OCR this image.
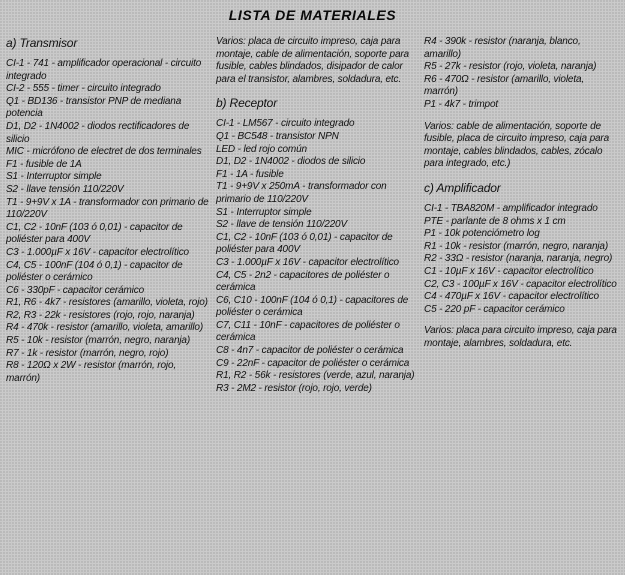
LISTA DE MATERIALES
a) Transmisor
CI-1 - 741 - amplificador operacional - circuito integrado
CI-2 - 555 - timer - circuito integrado
Q1 - BD136 - transistor PNP de mediana potencia
D1, D2 - 1N4002 - diodos rectificadores de silicio
MIC - micrófono de electret de dos terminales
F1 - fusible de 1A
S1 - Interruptor simple
S2 - llave tensión 110/220V
T1 - 9+9V x 1A - transformador con primario de 110/220V
C1, C2 - 10nF (103 ó 0,01) - capacitor de poliéster para 400V
C3 - 1.000µF x 16V - capacitor electrolítico
C4, C5 - 100nF (104 ó 0,1) - capacitor de poliéster o cerámico
C6 - 330pF - capacitor cerámico
R1, R6 - 4k7 - resistores (amarillo, violeta, rojo)
R2, R3 - 22k - resistores (rojo, rojo, naranja)
R4 - 470k - resistor (amarillo, violeta, amarillo)
R5 - 10k - resistor (marrón, negro, naranja)
R7 - 1k - resistor (marrón, negro, rojo)
R8 - 120Ω x 2W - resistor (marrón, rojo, marrón)
Varios: placa de circuito impreso, caja para montaje, cable de alimentación, soporte para fusible, cables blindados, disipador de calor para el transistor, alambres, soldadura, etc.
b) Receptor
CI-1 - LM567 - circuito integrado
Q1 - BC548 - transistor NPN
LED - led rojo común
D1, D2 - 1N4002 - diodos de silicio
F1 - 1A - fusible
T1 - 9+9V x 250mA - transformador con primario de 110/220V
S1 - Interruptor simple
S2 - llave de tensión 110/220V
C1, C2 - 10nF (103 ó 0,01) - capacitor de poliéster para 400V
C3 - 1.000µF x 16V - capacitor electrolítico
C4, C5 - 2n2 - capacitores de poliéster o cerámica
C6, C10 - 100nF (104 ó 0,1) - capacitores de poliéster o cerámica
C7, C11 - 10nF - capacitores de poliéster o cerámica
C8 - 4n7 - capacitor de poliéster o cerámica
C9 - 22nF - capacitor de poliéster o cerámica
R1, R2 - 56k - resistores (verde, azul, naranja)
R3 - 2M2 - resistor (rojo, rojo, verde)
R4 - 390k - resistor (naranja, blanco, amarillo)
R5 - 27k - resistor (rojo, violeta, naranja)
R6 - 470Ω - resistor (amarillo, violeta, marrón)
P1 - 4k7 - trimpot
Varios: cable de alimentación, soporte de fusible, placa de circuito impreso, caja para montaje, cables blindados, cables, zócalo para integrado, etc.)
c) Amplificador
CI-1 - TBA820M - amplificador integrado
PTE - parlante de 8 ohms x 1 cm
P1 - 10k potenciómetro log
R1 - 10k - resistor (marrón, negro, naranja)
R2 - 33Ω - resistor (naranja, naranja, negro)
C1 - 10µF x 16V - capacitor electrolítico
C2, C3 - 100µF x 16V - capacitor electrolítico
C4 - 470µF x 16V - capacitor electrolítico
C5 - 220 pF - capacitor cerámico
Varios: placa para circuito impreso, caja para montaje, alambres, soldadura, etc.
